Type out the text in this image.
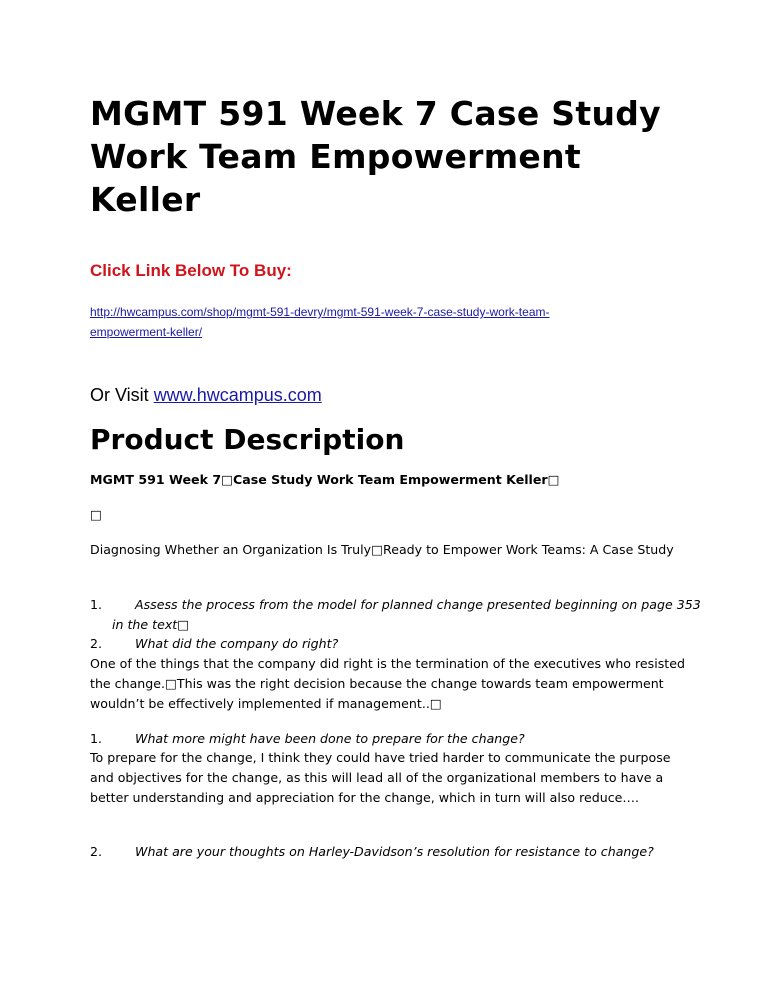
MGMT 591 Week 7 Case Study
Work Team Empowerment
Keller
Click Link Below To Buy:
http://hwcampus.com/shop/mgmt-591-devry/mgmt-591-week-7-case-study-work-team-empowerment-keller/
Or Visit www.hwcampus.com
Product Description
MGMT 591 Week 7□Case Study Work Team Empowerment Keller□
□
Diagnosing Whether an Organization Is Truly□Ready to Empower Work Teams: A Case Study
1.	Assess the process from the model for planned change presented beginning on page 353 in the text□
2.	What did the company do right?
One of the things that the company did right is the termination of the executives who resisted the change.□This was the right decision because the change towards team empowerment wouldn’t be effectively implemented if management..□
1.	What more might have been done to prepare for the change?
To prepare for the change, I think they could have tried harder to communicate the purpose and objectives for the change, as this will lead all of the organizational members to have a better understanding and appreciation for the change, which in turn will also reduce….
2.	What are your thoughts on Harley-Davidson’s resolution for resistance to change?
